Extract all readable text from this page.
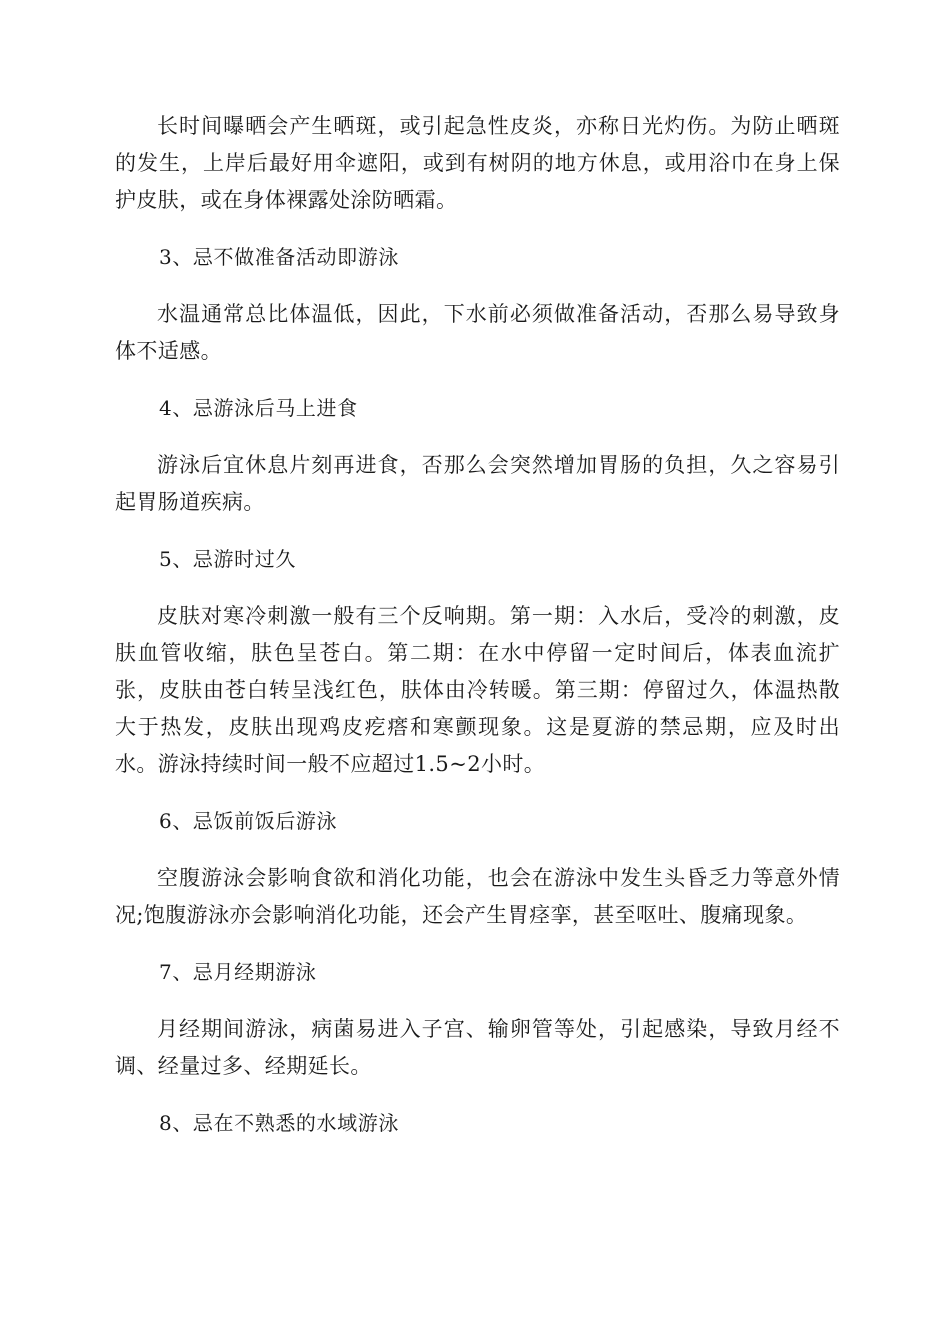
长时间曝晒会产生晒斑，或引起急性皮炎，亦称日光灼伤。为防止晒斑的发生，上岸后最好用伞遮阳，或到有树阴的地方休息，或用浴巾在身上保护皮肤，或在身体裸露处涂防晒霜。

3、忌不做准备活动即游泳

水温通常总比体温低，因此，下水前必须做准备活动，否那么易导致身体不适感。

4、忌游泳后马上进食

游泳后宜休息片刻再进食，否那么会突然增加胃肠的负担，久之容易引起胃肠道疾病。

5、忌游时过久

皮肤对寒冷刺激一般有三个反响期。第一期：入水后，受冷的刺激，皮肤血管收缩，肤色呈苍白。第二期：在水中停留一定时间后，体表血流扩张，皮肤由苍白转呈浅红色，肤体由冷转暖。第三期：停留过久，体温热散大于热发，皮肤出现鸡皮疙瘩和寒颤现象。这是夏游的禁忌期，应及时出水。游泳持续时间一般不应超过1.5~2小时。

6、忌饭前饭后游泳

空腹游泳会影响食欲和消化功能，也会在游泳中发生头昏乏力等意外情况;饱腹游泳亦会影响消化功能，还会产生胃痉挛，甚至呕吐、腹痛现象。

7、忌月经期游泳

月经期间游泳，病菌易进入子宫、输卵管等处，引起感染，导致月经不调、经量过多、经期延长。

8、忌在不熟悉的水域游泳
